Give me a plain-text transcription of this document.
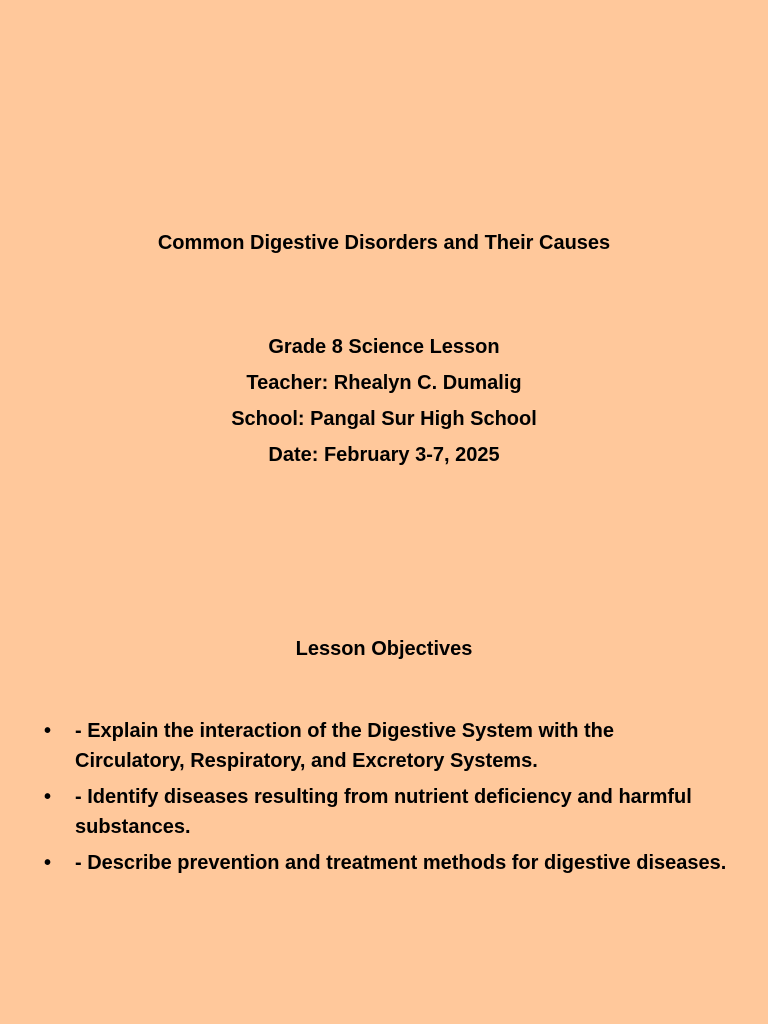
Common Digestive Disorders and Their Causes
Grade 8 Science Lesson
Teacher: Rhealyn C. Dumalig
School: Pangal Sur High School
Date: February 3-7, 2025
Lesson Objectives
• - Explain the interaction of the Digestive System with the Circulatory, Respiratory, and Excretory Systems.
• - Identify diseases resulting from nutrient deficiency and harmful substances.
• - Describe prevention and treatment methods for digestive diseases.
